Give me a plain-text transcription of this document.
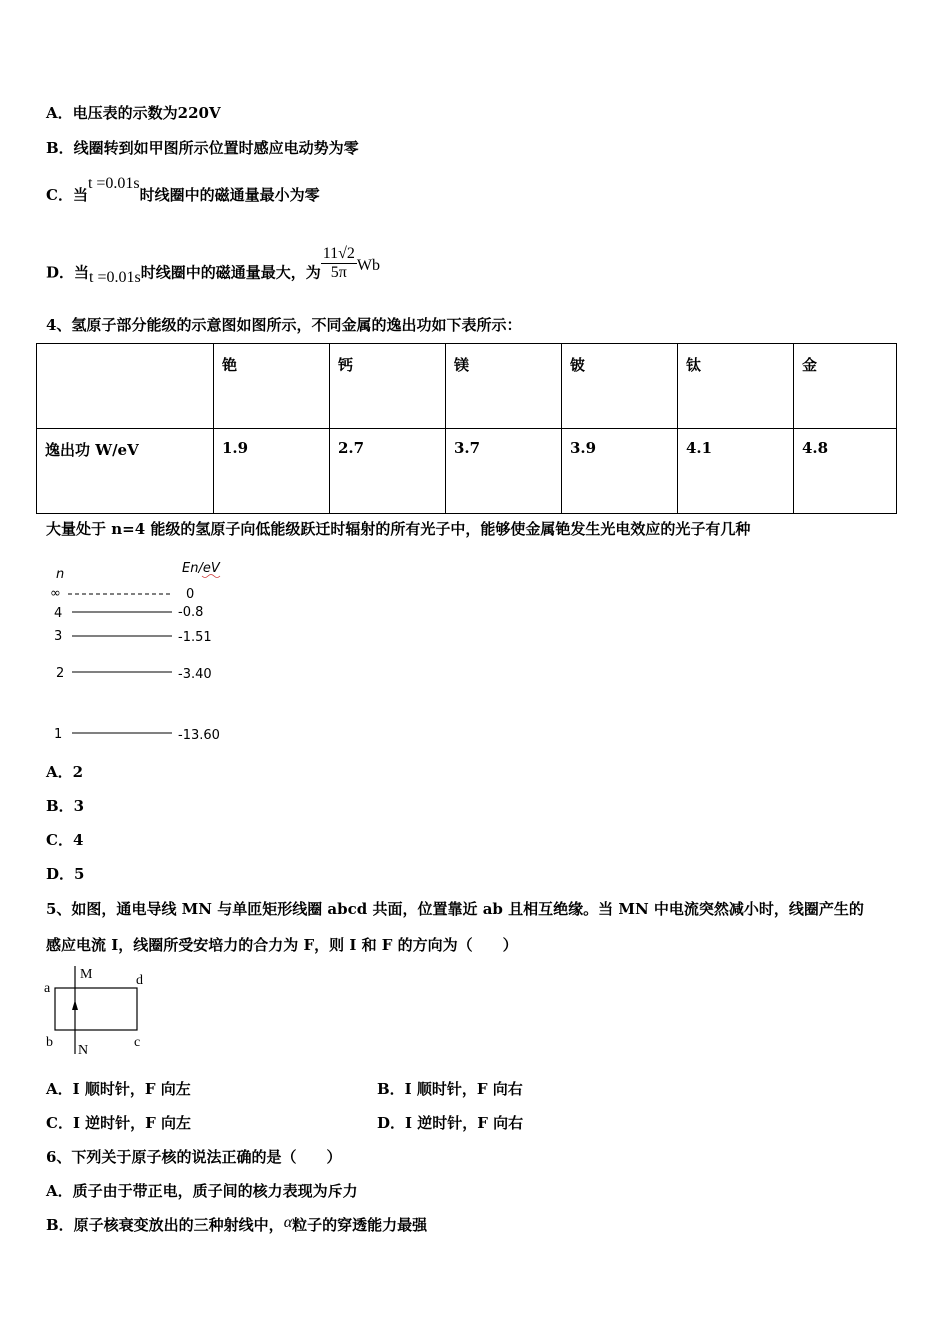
A．电压表的示数为220V
B．线圈转到如甲图所示位置时感应电动势为零
C．当t =0.01s时线圈中的磁通量最小为零
D．当t =0.01s时线圈中的磁通量最大，为 $\frac{11√2}{5\pi}$ Wb
4、氢原子部分能级的示意图如图所示，不同金属的逸出功如下表所示：
	铯	钙	镁	铍	钛	金
逸出功 W/eV	1.9	2.7	3.7	3.9	4.1	4.8
大量处于 n=4 能级的氢原子向低能级跃迁时辐射的所有光子中，能够使金属铯发生光电效应的光子有几种
n	En/eV
∞	0
4	-0.8
3	-1.51
2	-3.40
1	-13.60
A．2
B．3
C．4
D．5
5、如图，通电导线 MN 与单匝矩形线圈 abcd 共面，位置靠近 ab 且相互绝缘。当 MN 中电流突然减小时，线圈产生的
感应电流 I，线圈所受安培力的合力为 F，则 I 和 F 的方向为（　　）
M
N
a
b	c
d
A．I 顺时针，F 向左	B．I 顺时针，F 向右
C．I 逆时针，F 向左	D．I 逆时针，F 向右
6、下列关于原子核的说法正确的是（　　）
A．质子由于带正电，质子间的核力表现为斥力
B．原子核衰变放出的三种射线中，α粒子的穿透能力最强
